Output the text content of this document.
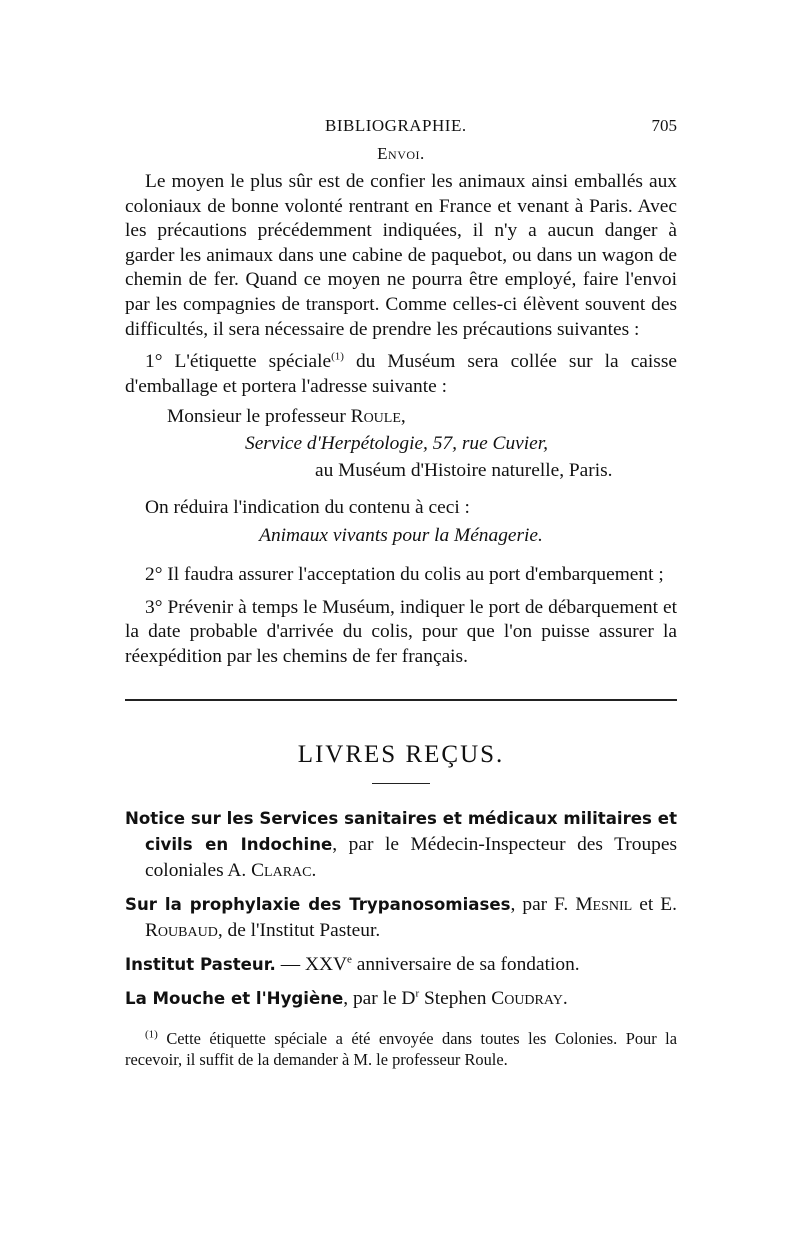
BIBLIOGRAPHIE.	705
Envoi.

Le moyen le plus sûr est de confier les animaux ainsi emballés aux coloniaux de bonne volonté rentrant en France et venant à Paris. Avec les précautions précédemment indiquées, il n'y a aucun danger à garder les animaux dans une cabine de paquebot, ou dans un wagon de chemin de fer. Quand ce moyen ne pourra être employé, faire l'envoi par les compagnies de transport. Comme celles-ci élèvent souvent des difficultés, il sera nécessaire de prendre les précautions suivantes :

1° L'étiquette spéciale$^{(1)}$ du Muséum sera collée sur la caisse d'emballage et portera l'adresse suivante :

Monsieur le professeur Roule,
Service d'Herpétologie, 57, rue Cuvier,
au Muséum d'Histoire naturelle, Paris.

On réduira l'indication du contenu à ceci :

Animaux vivants pour la Ménagerie.

2° Il faudra assurer l'acceptation du colis au port d'embarquement ;

3° Prévenir à temps le Muséum, indiquer le port de débarquement et la date probable d'arrivée du colis, pour que l'on puisse assurer la réexpédition par les chemins de fer français.

LIVRES REÇUS.

Notice sur les Services sanitaires et médicaux militaires et civils en Indochine, par le Médecin-Inspecteur des Troupes coloniales A. Clarac.

Sur la prophylaxie des Trypanosomiases, par F. Mesnil et E. Roubaud, de l'Institut Pasteur.

Institut Pasteur. — XXVe anniversaire de sa fondation.

La Mouche et l'Hygiène, par le $D^r$ Stephen Coudray.

$^{(1)}$ Cette étiquette spéciale a été envoyée dans toutes les Colonies. Pour la recevoir, il suffit de la demander à M. le professeur Roule.
